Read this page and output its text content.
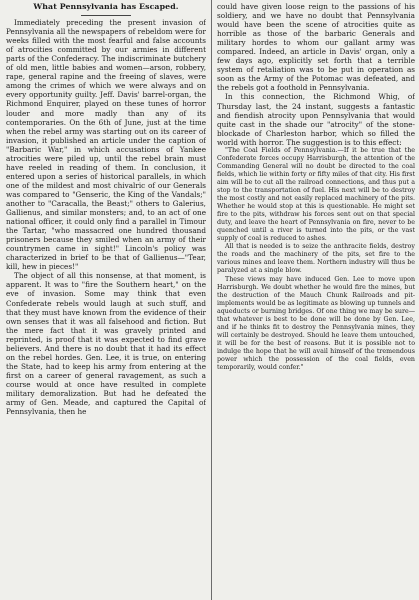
What Pennsylvania has Escaped.

Immediately preceding the present invasion of Pennsylvania all the newspapers of rebeldom were for weeks filled with the most fearful and false accounts of atrocities committed by our armies in different parts of the Confederacy. The indiscriminate butchery of old men, little babies and women—arson, robbery, rape, general rapine and the freeing of slaves, were among the crimes of which we were always and on every opportunity guilty. Jeff. Davis' barrel-organ, the Richmond Enquirer, played on these tunes of horror louder and more madly than any of its contemporaries. On the 6th of June, just at the time when the rebel army was starting out on its career of invasion, it published an article under the caption of "Barbaric War," in which accusations of Yankee atrocities were piled up, until the rebel brain must have reeled in reading of them. In conclusion, it entered upon a series of historical parallels, in which one of the mildest and most chivalric of our Generals was compared to "Genseric, the King of the Vandals;" another to "Caracalla, the Beast;" others to Galerius, Gallienus, and similar monsters; and, to an act of one national officer, it could only find a parallel in Timour the Tartar, "who massacred one hundred thousand prisoners because they smiled when an army of their countrymen came in sight!" Lincoln's policy was characterized in brief to be that of Gallienus—"Tear, kill, hew in pieces!"

The object of all this nonsense, at that moment, is apparent. It was to "fire the Southern heart," on the eve of invasion. Some may think that even Confederate rebels would laugh at such stuff, and that they must have known from the evidence of their own senses that it was all falsehood and fiction. But the mere fact that it was gravely printed and reprinted, is proof that it was expected to find grave believers. And there is no doubt that it had its effect on the rebel hordes. Gen. Lee, it is true, on entering the State, had to keep his army from entering at the first on a career of general ravagement, as such a course would at once have resulted in complete military demoralization. But had he defeated the army of Gen. Meade, and captured the Capital of Pennsylvania, then he

could have given loose reign to the passions of his soldiery, and we have no doubt that Pennsylvania would have been the scene of atrocities quite as horrible as those of the barbaric Generals and military hordes to whom our gallant army was compared. Indeed, an article in Davis' organ, only a few days ago, explicitly set forth that a terrible system of retaliation was to be put in operation as soon as the Army of the Potomac was defeated, and the rebels got a foothold in Pennsylvania.

In this connection, the Richmond Whig, of Thursday last, the 24 instant, suggests a fantastic and fiendish atrocity upon Pennsylvania that would quite cast in the shade our "atrocity" of the stone-blockade of Charleston harbor, which so filled the world with horror. The suggestion is to this effect:

"The Coal Fields of Pennsylvania.—If it be true that the Confederate forces occupy Harrisburgh, the attention of the Commanding General will no doubt be directed to the coal fields, which lie within forty or fifty miles of that city. His first aim will be to cut all the railroad connections, and thus put a stop to the transportation of fuel. His next will be to destroy the most costly and not easily replaced machinery of the pits. Whether he would stop at this is questionable. He might set fire to the pits, withdraw his forces sent out on that special duty, and leave the heart of Pennsylvania on fire, never to be quenched until a river is turned into the pits, or the vast supply of coal is reduced to ashes.

All that is needed is to seize the anthracite fields, destroy the roads and the machinery of the pits, set fire to the various mines and leave them. Northern industry will thus be paralyzed at a single blow.

These views may have induced Gen. Lee to move upon Harrisburgh. We doubt whether he would fire the mines, but the destruction of the Mauch Chunk Railroads and pit-implements would be as legitimate as blowing up tunnels and aqueducts or burning bridges. Of one thing we may be sure—that whatever is best to be done will be done by Gen. Lee, and if he thinks fit to destroy the Pennsylvania mines, they will certainly be destroyed. Should he leave them untouched, it will be for the best of reasons. But it is possible not to indulge the hope that he will avail himself of the tremendous power which the possession of the coal fields, even temporarily, would confer."
